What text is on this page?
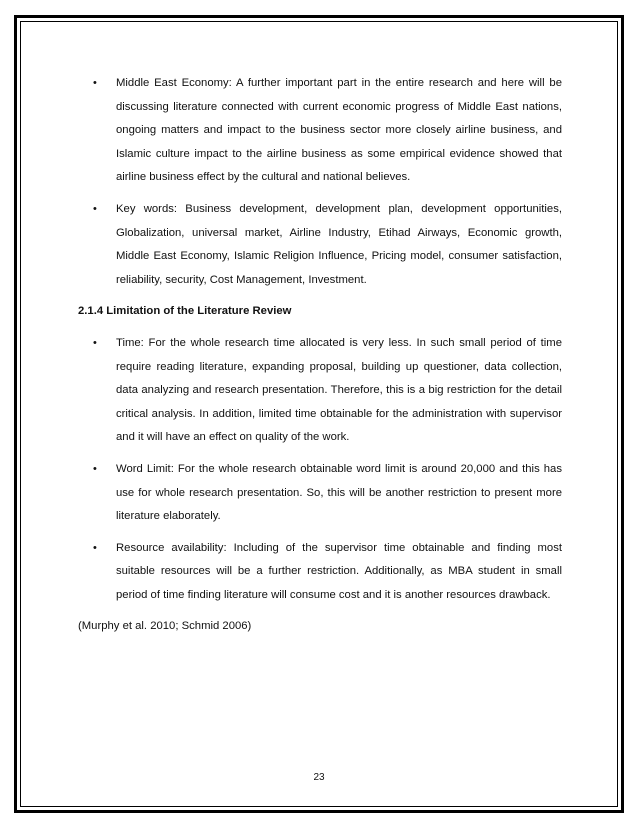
• Middle East Economy: A further important part in the entire research and here will be discussing literature connected with current economic progress of Middle East nations, ongoing matters and impact to the business sector more closely airline business, and Islamic culture impact to the airline business as some empirical evidence showed that airline business effect by the cultural and national believes.
• Key words: Business development, development plan, development opportunities, Globalization, universal market, Airline Industry, Etihad Airways, Economic growth, Middle East Economy, Islamic Religion Influence, Pricing model, consumer satisfaction, reliability, security, Cost Management, Investment.
2.1.4 Limitation of the Literature Review
• Time: For the whole research time allocated is very less. In such small period of time require reading literature, expanding proposal, building up questioner, data collection, data analyzing and research presentation. Therefore, this is a big restriction for the detail critical analysis. In addition, limited time obtainable for the administration with supervisor and it will have an effect on quality of the work.
• Word Limit: For the whole research obtainable word limit is around 20,000 and this has use for whole research presentation. So, this will be another restriction to present more literature elaborately.
• Resource availability: Including of the supervisor time obtainable and finding most suitable resources will be a further restriction. Additionally, as MBA student in small period of time finding literature will consume cost and it is another resources drawback.
(Murphy et al. 2010; Schmid 2006)
23
